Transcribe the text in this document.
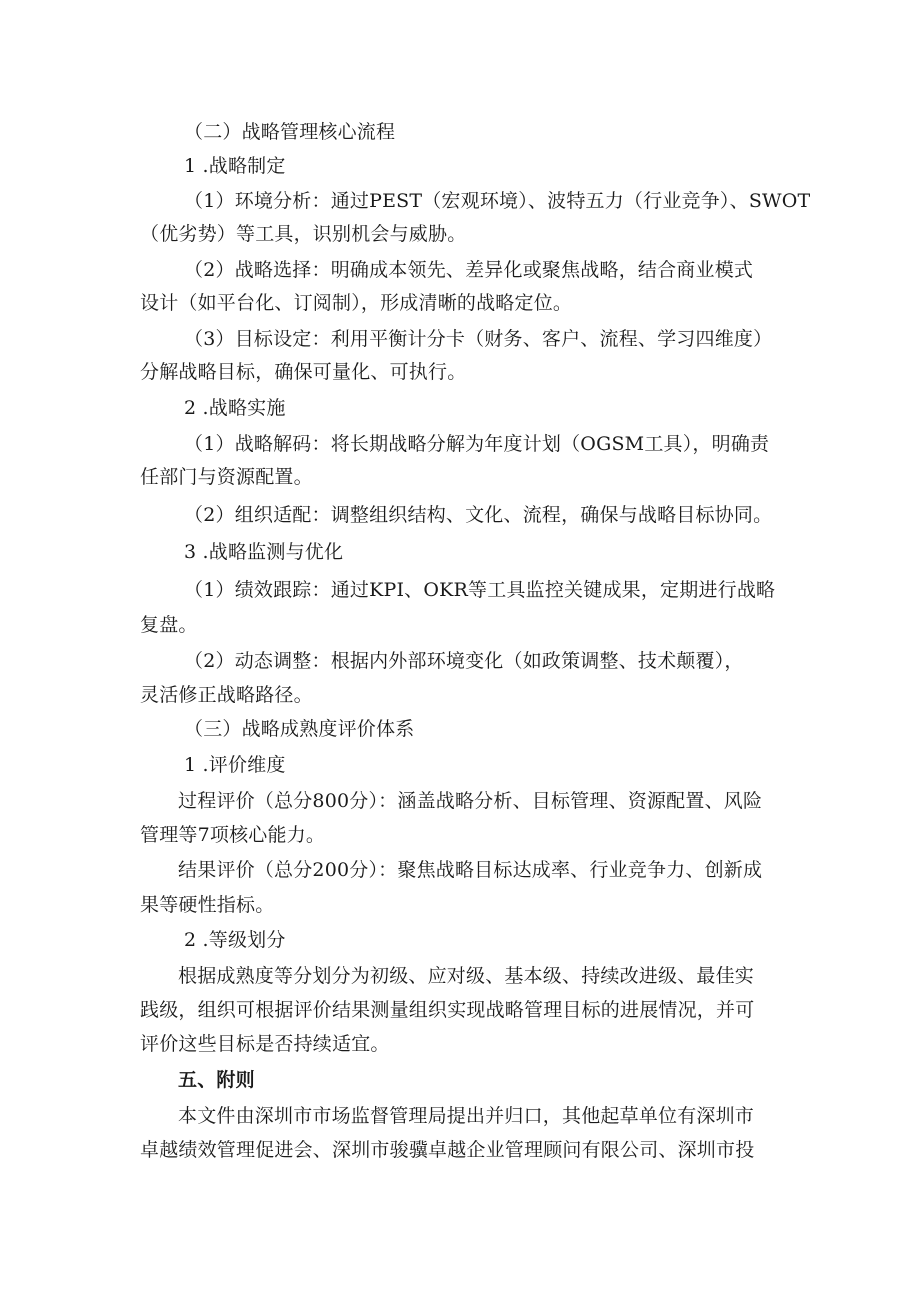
（二）战略管理核心流程
1 .战略制定
（1）环境分析：通过PEST（宏观环境）、波特五力（行业竞争）、SWOT
（优劣势）等工具，识别机会与威胁。
（2）战略选择：明确成本领先、差异化或聚焦战略，结合商业模式
设计（如平台化、订阅制），形成清晰的战略定位。
（3）目标设定：利用平衡计分卡（财务、客户、流程、学习四维度）
分解战略目标，确保可量化、可执行。
2 .战略实施
（1）战略解码：将长期战略分解为年度计划（OGSM工具），明确责
任部门与资源配置。
（2）组织适配：调整组织结构、文化、流程，确保与战略目标协同。
3 .战略监测与优化
（1）绩效跟踪：通过KPI、OKR等工具监控关键成果，定期进行战略
复盘。
（2）动态调整：根据内外部环境变化（如政策调整、技术颠覆），
灵活修正战略路径。
（三）战略成熟度评价体系
1 .评价维度
过程评价（总分800分）：涵盖战略分析、目标管理、资源配置、风险
管理等7项核心能力。
结果评价（总分200分）：聚焦战略目标达成率、行业竞争力、创新成
果等硬性指标。
2 .等级划分
根据成熟度等分划分为初级、应对级、基本级、持续改进级、最佳实
践级，组织可根据评价结果测量组织实现战略管理目标的进展情况，并可
评价这些目标是否持续适宜。
五、附则
本文件由深圳市市场监督管理局提出并归口，其他起草单位有深圳市
卓越绩效管理促进会、深圳市骏骥卓越企业管理顾问有限公司、深圳市投
